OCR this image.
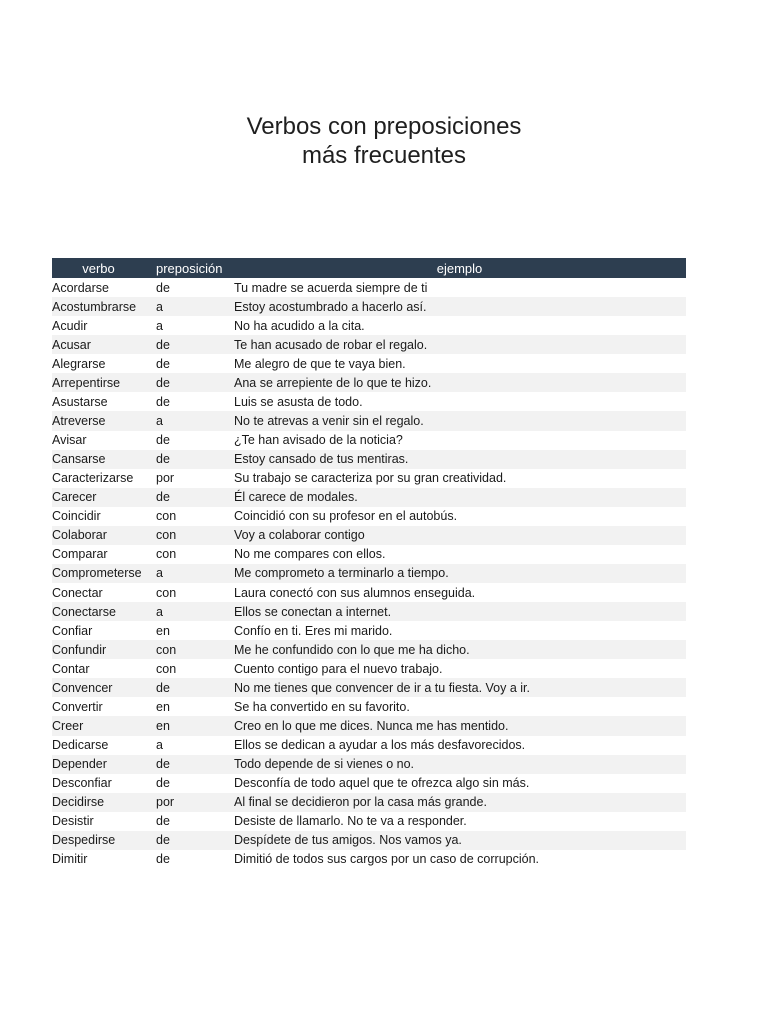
Verbos con preposiciones
más frecuentes
verbo	preposición	ejemplo
Acordarse	de	Tu madre se acuerda siempre de ti
Acostumbrarse	a	Estoy acostumbrado a hacerlo así.
Acudir	a	No ha acudido a la cita.
Acusar	de	Te han acusado de robar el regalo.
Alegrarse	de	Me alegro de que te vaya bien.
Arrepentirse	de	Ana se arrepiente de lo que te hizo.
Asustarse	de	Luis se asusta de todo.
Atreverse	a	No te atrevas a venir sin el regalo.
Avisar	de	¿Te han avisado de la noticia?
Cansarse	de	Estoy cansado de tus mentiras.
Caracterizarse	por	Su trabajo se caracteriza por su gran creatividad.
Carecer	de	Él carece de modales.
Coincidir	con	Coincidió con su profesor en el autobús.
Colaborar	con	Voy a colaborar contigo
Comparar	con	No me compares con ellos.
Comprometerse	a	Me comprometo a terminarlo a tiempo.
Conectar	con	Laura conectó con sus alumnos enseguida.
Conectarse	a	Ellos se conectan a internet.
Confiar	en	Confío en ti. Eres mi marido.
Confundir	con	Me he confundido con lo que me ha dicho.
Contar	con	Cuento contigo para el nuevo trabajo.
Convencer	de	No me tienes que convencer de ir a tu fiesta. Voy a ir.
Convertir	en	Se ha convertido en su favorito.
Creer	en	Creo en lo que me dices. Nunca me has mentido.
Dedicarse	a	Ellos se dedican a ayudar a los más desfavorecidos.
Depender	de	Todo depende de si vienes o no.
Desconfiar	de	Desconfía de todo aquel que te ofrezca algo sin más.
Decidirse	por	Al final se decidieron por la casa más grande.
Desistir	de	Desiste de llamarlo. No te va a responder.
Despedirse	de	Despídete de tus amigos. Nos vamos ya.
Dimitir	de	Dimitió de todos sus cargos por un caso de corrupción.
